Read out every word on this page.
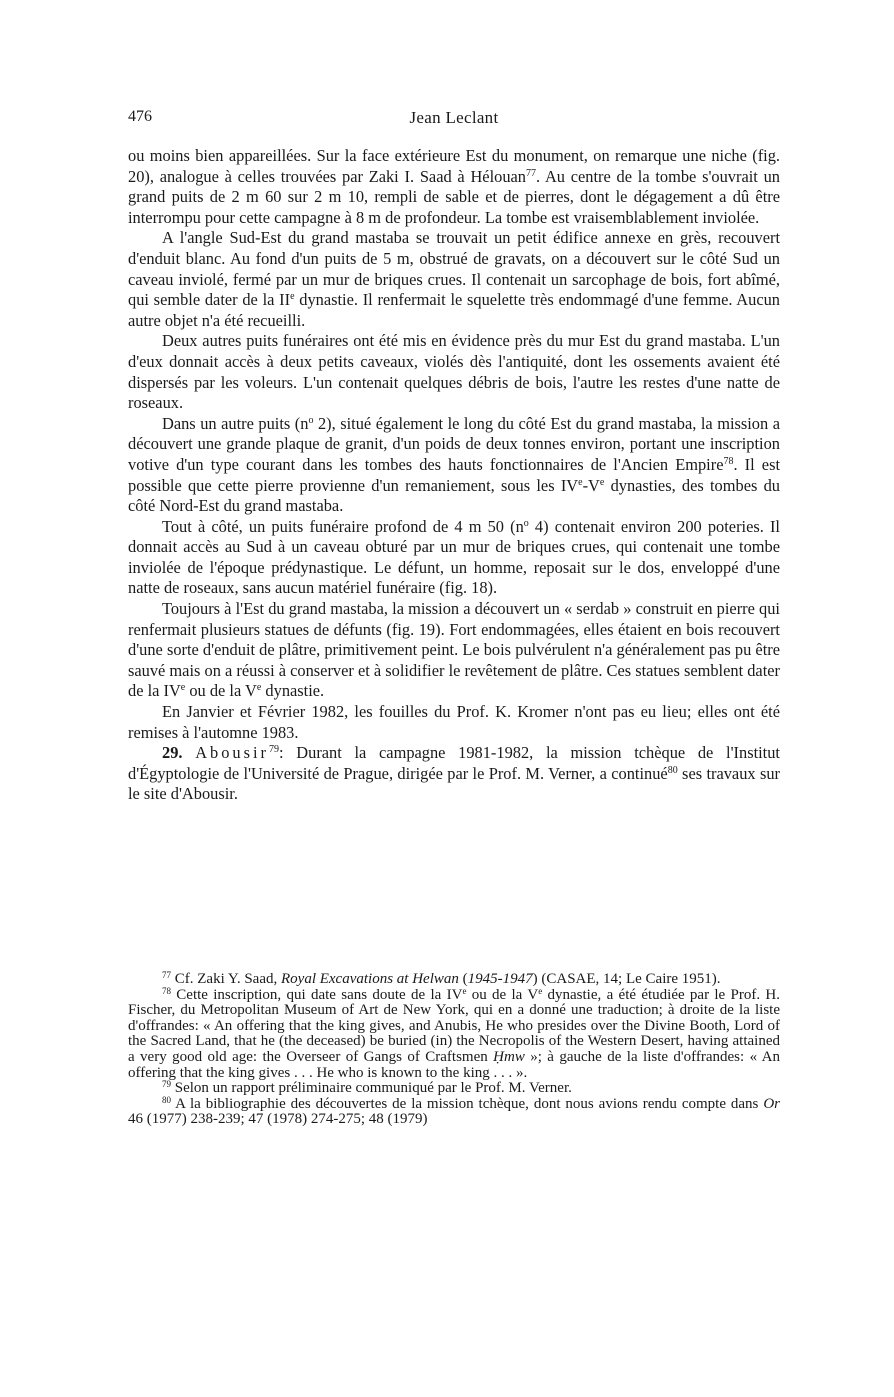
476	Jean Leclant

ou moins bien appareillées. Sur la face extérieure Est du monument, on remarque une niche (fig. 20), analogue à celles trouvées par Zaki I. Saad à Hélouan$^{77}$. Au centre de la tombe s'ouvrait un grand puits de 2 m 60 sur 2 m 10, rempli de sable et de pierres, dont le dégagement a dû être interrompu pour cette campagne à 8 m de profondeur. La tombe est vraisemblablement inviolée.

A l'angle Sud-Est du grand mastaba se trouvait un petit édifice annexe en grès, recouvert d'enduit blanc. Au fond d'un puits de 5 m, obstrué de gravats, on a découvert sur le côté Sud un caveau inviolé, fermé par un mur de briques crues. Il contenait un sarcophage de bois, fort abîmé, qui semble dater de la IIe dynastie. Il renfermait le squelette très endommagé d'une femme. Aucun autre objet n'a été recueilli.

Deux autres puits funéraires ont été mis en évidence près du mur Est du grand mastaba. L'un d'eux donnait accès à deux petits caveaux, violés dès l'antiquité, dont les ossements avaient été dispersés par les voleurs. L'un contenait quelques débris de bois, l'autre les restes d'une natte de roseaux.

Dans un autre puits ($n^o$ 2), situé également le long du côté Est du grand mastaba, la mission a découvert une grande plaque de granit, d'un poids de deux tonnes environ, portant une inscription votive d'un type courant dans les tombes des hauts fonctionnaires de l'Ancien Empire$^{78}$. Il est possible que cette pierre provienne d'un remaniement, sous les IVe-Ve dynasties, des tombes du côté Nord-Est du grand mastaba.

Tout à côté, un puits funéraire profond de 4 m 50 ($n^o$ 4) contenait environ 200 poteries. Il donnait accès au Sud à un caveau obturé par un mur de briques crues, qui contenait une tombe inviolée de l'époque prédynastique. Le défunt, un homme, reposait sur le dos, enveloppé d'une natte de roseaux, sans aucun matériel funéraire (fig. 18).

Toujours à l'Est du grand mastaba, la mission a découvert un « serdab » construit en pierre qui renfermait plusieurs statues de défunts (fig. 19). Fort endommagées, elles étaient en bois recouvert d'une sorte d'enduit de plâtre, primitivement peint. Le bois pulvérulent n'a généralement pas pu être sauvé mais on a réussi à conserver et à solidifier le revêtement de plâtre. Ces statues semblent dater de la IVe ou de la Ve dynastie.

En Janvier et Février 1982, les fouilles du Prof. K. Kromer n'ont pas eu lieu; elles ont été remises à l'automne 1983.

29. Abousir$^{79}$: Durant la campagne 1981-1982, la mission tchèque de l'Institut d'Égyptologie de l'Université de Prague, dirigée par le Prof. M. Verner, a continué$^{80}$ ses travaux sur le site d'Abousir.

$^{77}$ Cf. Zaki Y. Saad, Royal Excavations at Helwan (1945-1947) (CASAE, 14; Le Caire 1951).

$^{78}$ Cette inscription, qui date sans doute de la IVe ou de la Ve dynastie, a été étudiée par le Prof. H. Fischer, du Metropolitan Museum of Art de New York, qui en a donné une traduction; à droite de la liste d'offrandes: « An offering that the king gives, and Anubis, He who presides over the Divine Booth, Lord of the Sacred Land, that he (the deceased) be buried (in) the Necropolis of the Western Desert, having attained a very good old age: the Overseer of Gangs of Craftsmen Ḥmw »; à gauche de la liste d'offrandes: « An offering that the king gives . . . He who is known to the king . . . ».

$^{79}$ Selon un rapport préliminaire communiqué par le Prof. M. Verner.

$^{80}$ A la bibliographie des découvertes de la mission tchèque, dont nous avions rendu compte dans Or 46 (1977) 238-239; 47 (1978) 274-275; 48 (1979)
